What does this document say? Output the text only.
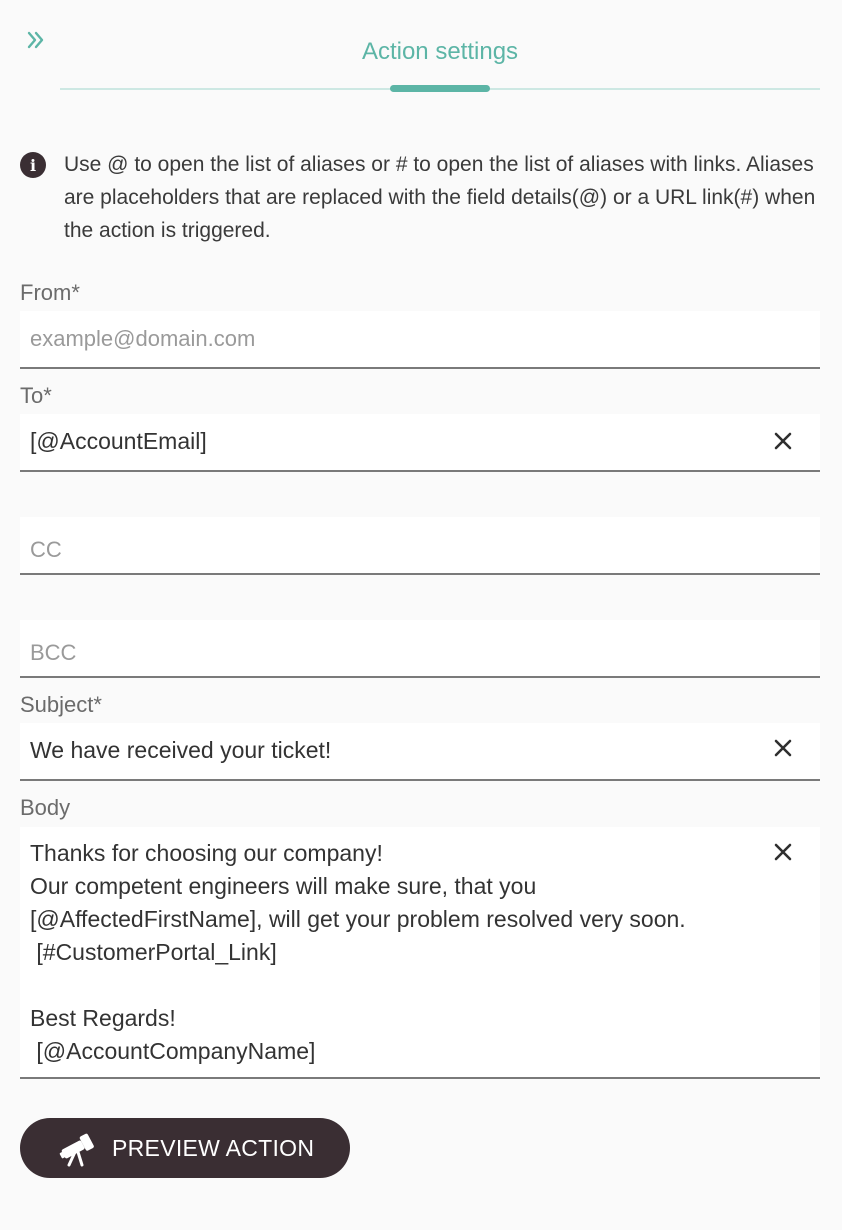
Action settings
i	Use @ to open the list of aliases or # to open the list of aliases with links. Aliases are placeholders that are replaced with the field details(@) or a URL link(#) when the action is triggered.

From*
example@domain.com
To*
[@AccountEmail]
CC
BCC
Subject*
We have received your ticket!
Body
Thanks for choosing our company!
Our competent engineers will make sure, that you [@AffectedFirstName], will get your problem resolved very soon.
[#CustomerPortal_Link]

Best Regards!
[@AccountCompanyName]
PREVIEW ACTION
